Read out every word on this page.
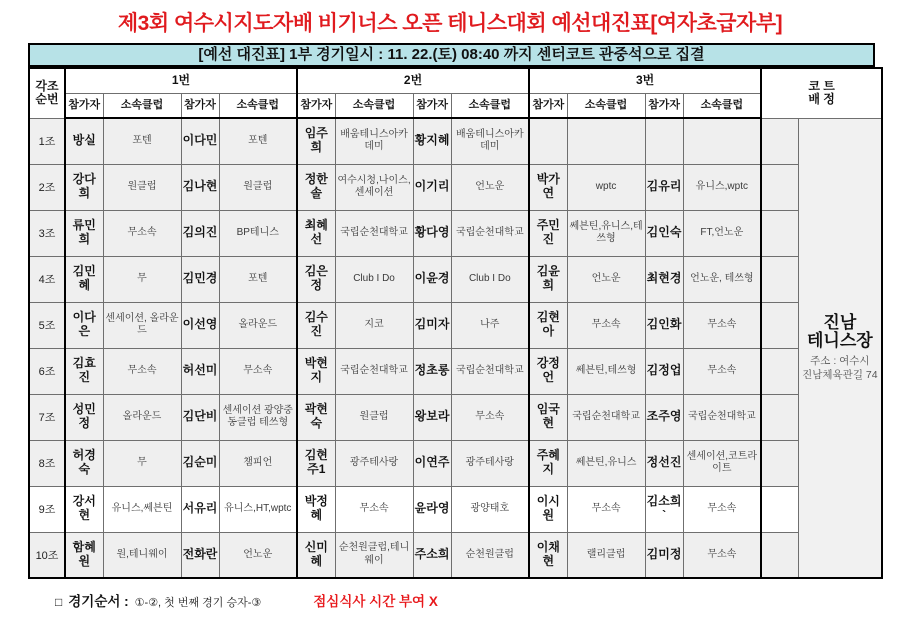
제3회 여수시지도자배 비기너스 오픈 테니스대회 예선대진표[여자초급자부]
[예선 대진표] 1부 경기일시 : 11. 22.(토) 08:40 까지 센터코트 관중석으로 집결
각조
순번	1번				2번				3번				코 트
배 정	
	참가자	소속클럽	참가자	소속클럽	참가자	소속클럽	참가자	소속클럽	참가자	소속클럽	참가자	소속클럽		
1조	방실	포텐	이다민	포텐	임주희	배움테니스아카데미	황지혜	배움테니스아카데미						진남
테니스장
주소 : 여수시
진남체육관길 74

2조	강다희	원클럽	김나현	원클럽	정한솔	여수시청,나이스,센세이션	이기리	언노운	박가연	wptc	김유리	유니스,wptc		
3조	류민희	무소속	김의진	BP테니스	최혜선	국립순천대학교	황다영	국립순천대학교	주민진	쎄븐틴,유니스,테쓰형	김인숙	FT,언노운		
4조	김민혜	무	김민경	포텐	김은정	Club I Do	이윤경	Club I Do	김윤희	언노운	최현경	언노운, 테쓰형		
5조	이다은	센세이션, 올라운드	이선영	올라운드	김수진	지코	김미자	나주	김현아	무소속	김인화	무소속		
6조	김효진	무소속	허선미	무소속	박현지	국립순천대학교	정초롱	국립순천대학교	강정언	쎄븐틴,테쓰형	김정업	무소속		
7조	성민정	올라운드	김단비	센세이션 광양중동클럽 테쓰형	곽현숙	원클럽	왕보라	무소속	임국현	국립순천대학교	조주영	국립순천대학교		
8조	허경숙	무	김순미	챔피언	김현주1	광주테사랑	이연주	광주테사랑	주혜지	쎄븐틴,유니스	정선진	센세이션,코트라이트		
9조	강서현	유니스,쎄븐틴	서유리	유니스,HT,wptc	박정혜	무소속	윤라영	광양태호	이시원	무소속	김소희`	무소속		
10조	함혜원	원,테니웨이	전화란	언노운	신미혜	순천원클럽,테니웨이	주소희	순천원클럽	이채현	랠리클럽	김미정	무소속		
□ 경기순서 : ①-②, 첫 번째 경기 승자-③	점심식사 시간 부여 X
